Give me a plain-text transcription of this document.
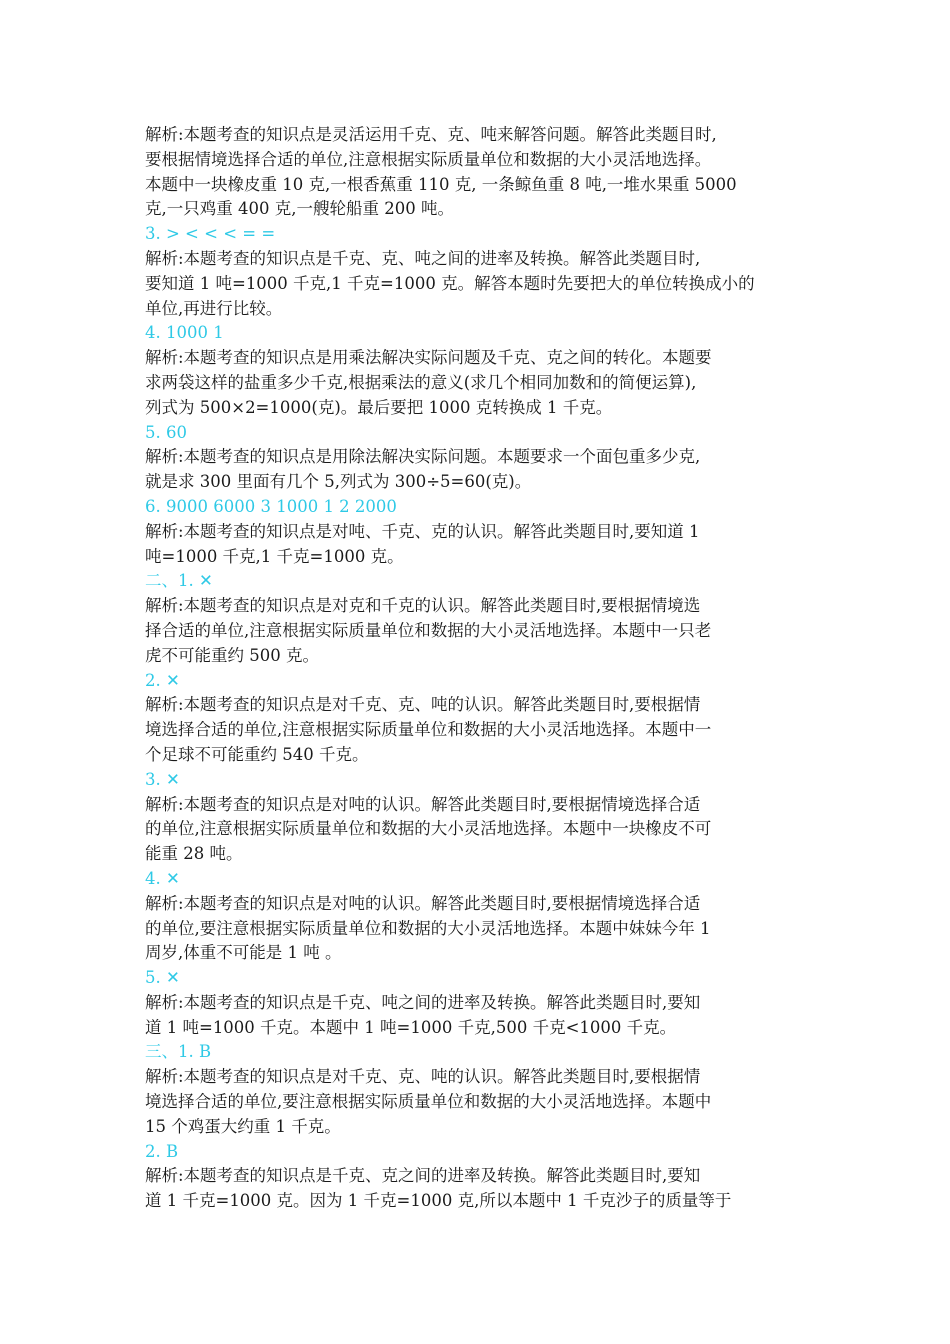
解析:本题考查的知识点是灵活运用千克、克、吨来解答问题。解答此类题目时,
要根据情境选择合适的单位,注意根据实际质量单位和数据的大小灵活地选择。
本题中一块橡皮重 10 克,一根香蕉重 110 克, 一条鲸鱼重 8 吨,一堆水果重 5000
克,一只鸡重 400 克,一艘轮船重 200 吨。
3. > < < < = =
解析:本题考查的知识点是千克、克、吨之间的进率及转换。解答此类题目时,
要知道 1 吨=1000 千克,1 千克=1000 克。解答本题时先要把大的单位转换成小的
单位,再进行比较。
4. 1000 1
解析:本题考查的知识点是用乘法解决实际问题及千克、克之间的转化。本题要
求两袋这样的盐重多少千克,根据乘法的意义(求几个相同加数和的简便运算),
列式为 500×2=1000(克)。最后要把 1000 克转换成 1 千克。
5. 60
解析:本题考查的知识点是用除法解决实际问题。本题要求一个面包重多少克,
就是求 300 里面有几个 5,列式为 300÷5=60(克)。
6. 9000 6000 3 1000 1 2 2000
解析:本题考查的知识点是对吨、千克、克的认识。解答此类题目时,要知道 1
吨=1000 千克,1 千克=1000 克。
二、1. ✕
解析:本题考查的知识点是对克和千克的认识。解答此类题目时,要根据情境选
择合适的单位,注意根据实际质量单位和数据的大小灵活地选择。本题中一只老
虎不可能重约 500 克。
2. ✕
解析:本题考查的知识点是对千克、克、吨的认识。解答此类题目时,要根据情
境选择合适的单位,注意根据实际质量单位和数据的大小灵活地选择。本题中一
个足球不可能重约 540 千克。
3. ✕
解析:本题考查的知识点是对吨的认识。解答此类题目时,要根据情境选择合适
的单位,注意根据实际质量单位和数据的大小灵活地选择。本题中一块橡皮不可
能重 28 吨。
4. ✕
解析:本题考查的知识点是对吨的认识。解答此类题目时,要根据情境选择合适
的单位,要注意根据实际质量单位和数据的大小灵活地选择。本题中妹妹今年 1
周岁,体重不可能是 1 吨 。
5. ✕
解析:本题考查的知识点是千克、吨之间的进率及转换。解答此类题目时,要知
道 1 吨=1000 千克。本题中 1 吨=1000 千克,500 千克<1000 千克。
三、1. B
解析:本题考查的知识点是对千克、克、吨的认识。解答此类题目时,要根据情
境选择合适的单位,要注意根据实际质量单位和数据的大小灵活地选择。本题中
15 个鸡蛋大约重 1 千克。
2. B
解析:本题考查的知识点是千克、克之间的进率及转换。解答此类题目时,要知
道 1 千克=1000 克。因为 1 千克=1000 克,所以本题中 1 千克沙子的质量等于
